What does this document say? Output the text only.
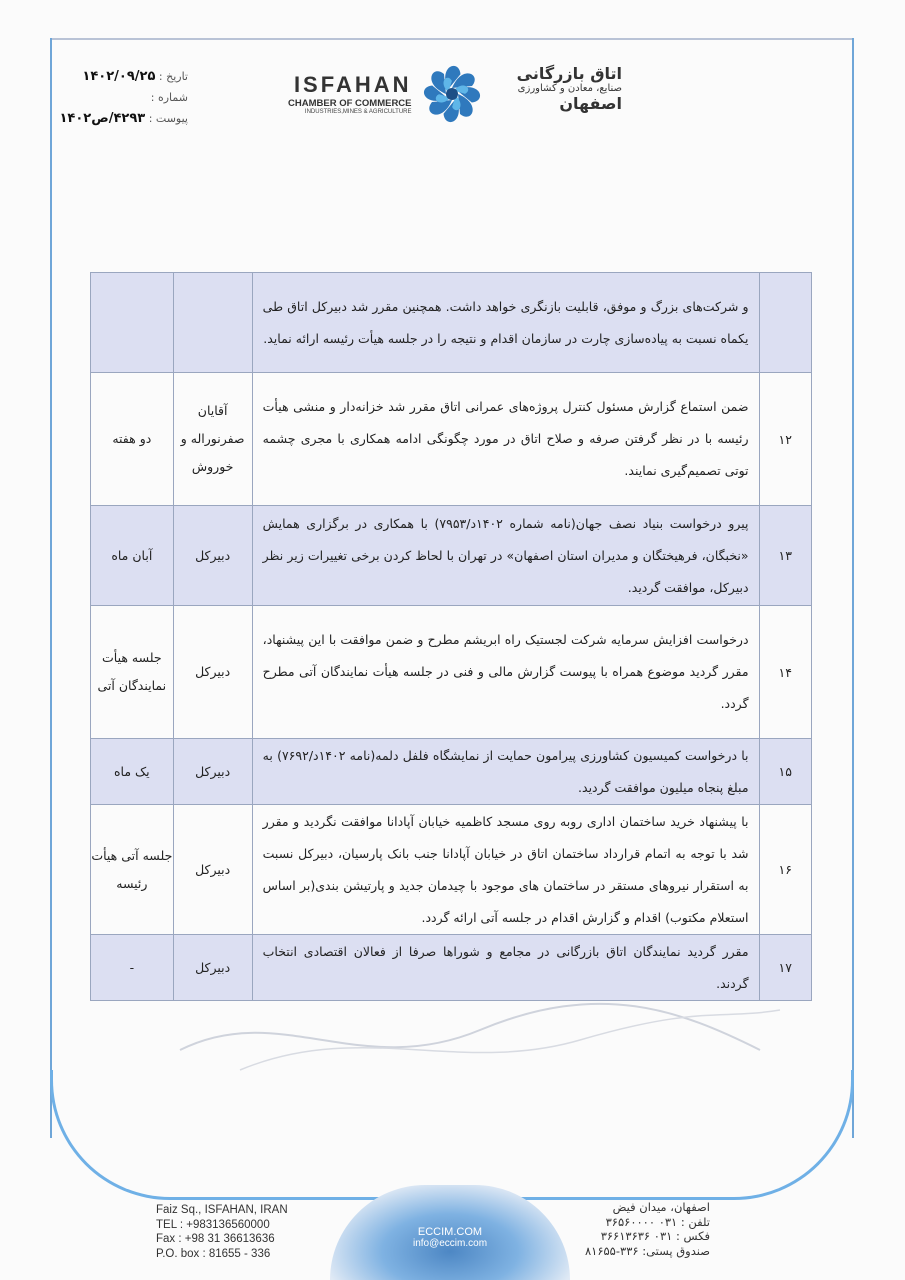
تاریخ : ۱۴۰۲/۰۹/۲۵
شماره :
پیوست : ۴۲۹۳/ص۱۴۰۲
ISFAHAN
CHAMBER OF COMMERCE
INDUSTRIES,MINES & AGRICULTURE
اتاق بازرگانی
صنایع، معادن و کشاورزی
اصفهان
	و شرکت‌های بزرگ و موفق، قابلیت بازنگری خواهد داشت. همچنین مقرر شد دبیرکل اتاق طی یکماه نسبت به پیاده‌سازی چارت در سازمان اقدام و نتیجه را در جلسه هیأت رئیسه ارائه نماید.		
۱۲	ضمن استماع گزارش مسئول کنترل پروژه‌های عمرانی اتاق مقرر شد خزانه‌دار و منشی هیأت رئیسه با در نظر گرفتن صرفه و صلاح اتاق در مورد چگونگی ادامه همکاری با مجری چشمه توتی تصمیم‌گیری نمایند.	آقایان صفرنوراله و خوروش	دو هفته
۱۳	پیرو درخواست بنیاد نصف جهان(نامه شماره ۱۴۰۲د/۷۹۵۳) با همکاری در برگزاری همایش «نخبگان، فرهیختگان و مدیران استان اصفهان» در تهران با لحاظ کردن برخی تغییرات زیر نظر دبیرکل، موافقت گردید.	دبیرکل	آبان ماه
۱۴	درخواست افزایش سرمایه شرکت لجستیک راه ابریشم مطرح و ضمن موافقت با این پیشنهاد، مقرر گردید موضوع همراه با پیوست گزارش مالی و فنی در جلسه هیأت نمایندگان آتی مطرح گردد.	دبیرکل	جلسه هیأت نمایندگان آتی
۱۵	با درخواست کمیسیون کشاورزی پیرامون حمایت از نمایشگاه فلفل دلمه(نامه ۱۴۰۲د/۷۶۹۲) به مبلغ پنجاه میلیون موافقت گردید.	دبیرکل	یک ماه
۱۶	با پیشنهاد خرید ساختمان اداری روبه روی مسجد کاظمیه خیابان آپادانا موافقت نگردید و مقرر شد با توجه به اتمام قرارداد ساختمان اتاق در خیابان آپادانا جنب بانک پارسیان، دبیرکل نسبت به استقرار نیروهای مستقر در ساختمان های موجود با چیدمان جدید و پارتیشن بندی(بر اساس استعلام مکتوب) اقدام و گزارش اقدام در جلسه آتی ارائه گردد.	دبیرکل	جلسه آتی هیأت رئیسه
۱۷	مقرر گردید نمایندگان اتاق بازرگانی در مجامع و شوراها صرفا از فعالان اقتصادی انتخاب گردند.	دبیرکل	-
Faiz Sq., ISFAHAN, IRAN
TEL : +983136560000
Fax : +98 31 36613636
P.O. box : 81655 - 336
ECCIM.COM
info@eccim.com
اصفهان، میدان فیض
تلفن : ۰۳۱ ۳۶۵۶۰۰۰۰
فکس : ۰۳۱ ۳۶۶۱۳۶۳۶
صندوق پستی: ۳۳۶-۸۱۶۵۵
